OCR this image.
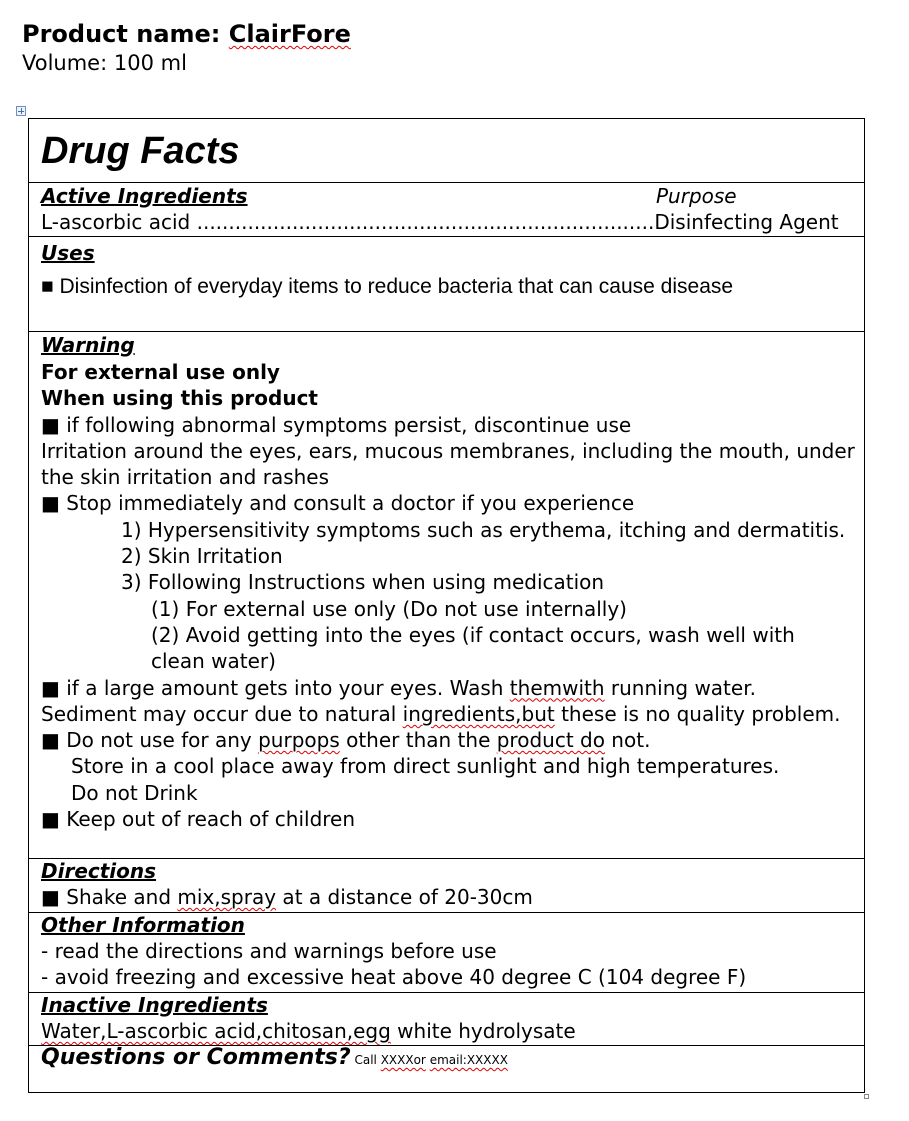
Product name: ClairFore
Volume: 100 ml
Drug Facts
Active Ingredients	Purpose
L-ascorbic acid ........................................................................Disinfecting Agent
Uses
■ Disinfection of everyday items to reduce bacteria that can cause disease
Warning
For external use only
When using this product
■ if following abnormal symptoms persist, discontinue use
Irritation around the eyes, ears, mucous membranes, including the mouth, under
the skin irritation and rashes
■ Stop immediately and consult a doctor if you experience
1) Hypersensitivity symptoms such as erythema, itching and dermatitis.
2) Skin Irritation
3) Following Instructions when using medication
(1) For external use only (Do not use internally)
(2) Avoid getting into the eyes (if contact occurs, wash well with
clean water)
■ if a large amount gets into your eyes. Wash themwith running water.
Sediment may occur due to natural ingredients,but these is no quality problem.
■ Do not use for any purpops other than the product do not.
Store in a cool place away from direct sunlight and high temperatures.
Do not Drink
■ Keep out of reach of children
Directions
■ Shake and mix,spray at a distance of 20-30cm
Other Information
- read the directions and warnings before use
- avoid freezing and excessive heat above 40 degree C (104 degree F)
Inactive Ingredients
Water,L-ascorbic acid,chitosan,egg white hydrolysate
Questions or Comments? Call XXXXor email:XXXXX
